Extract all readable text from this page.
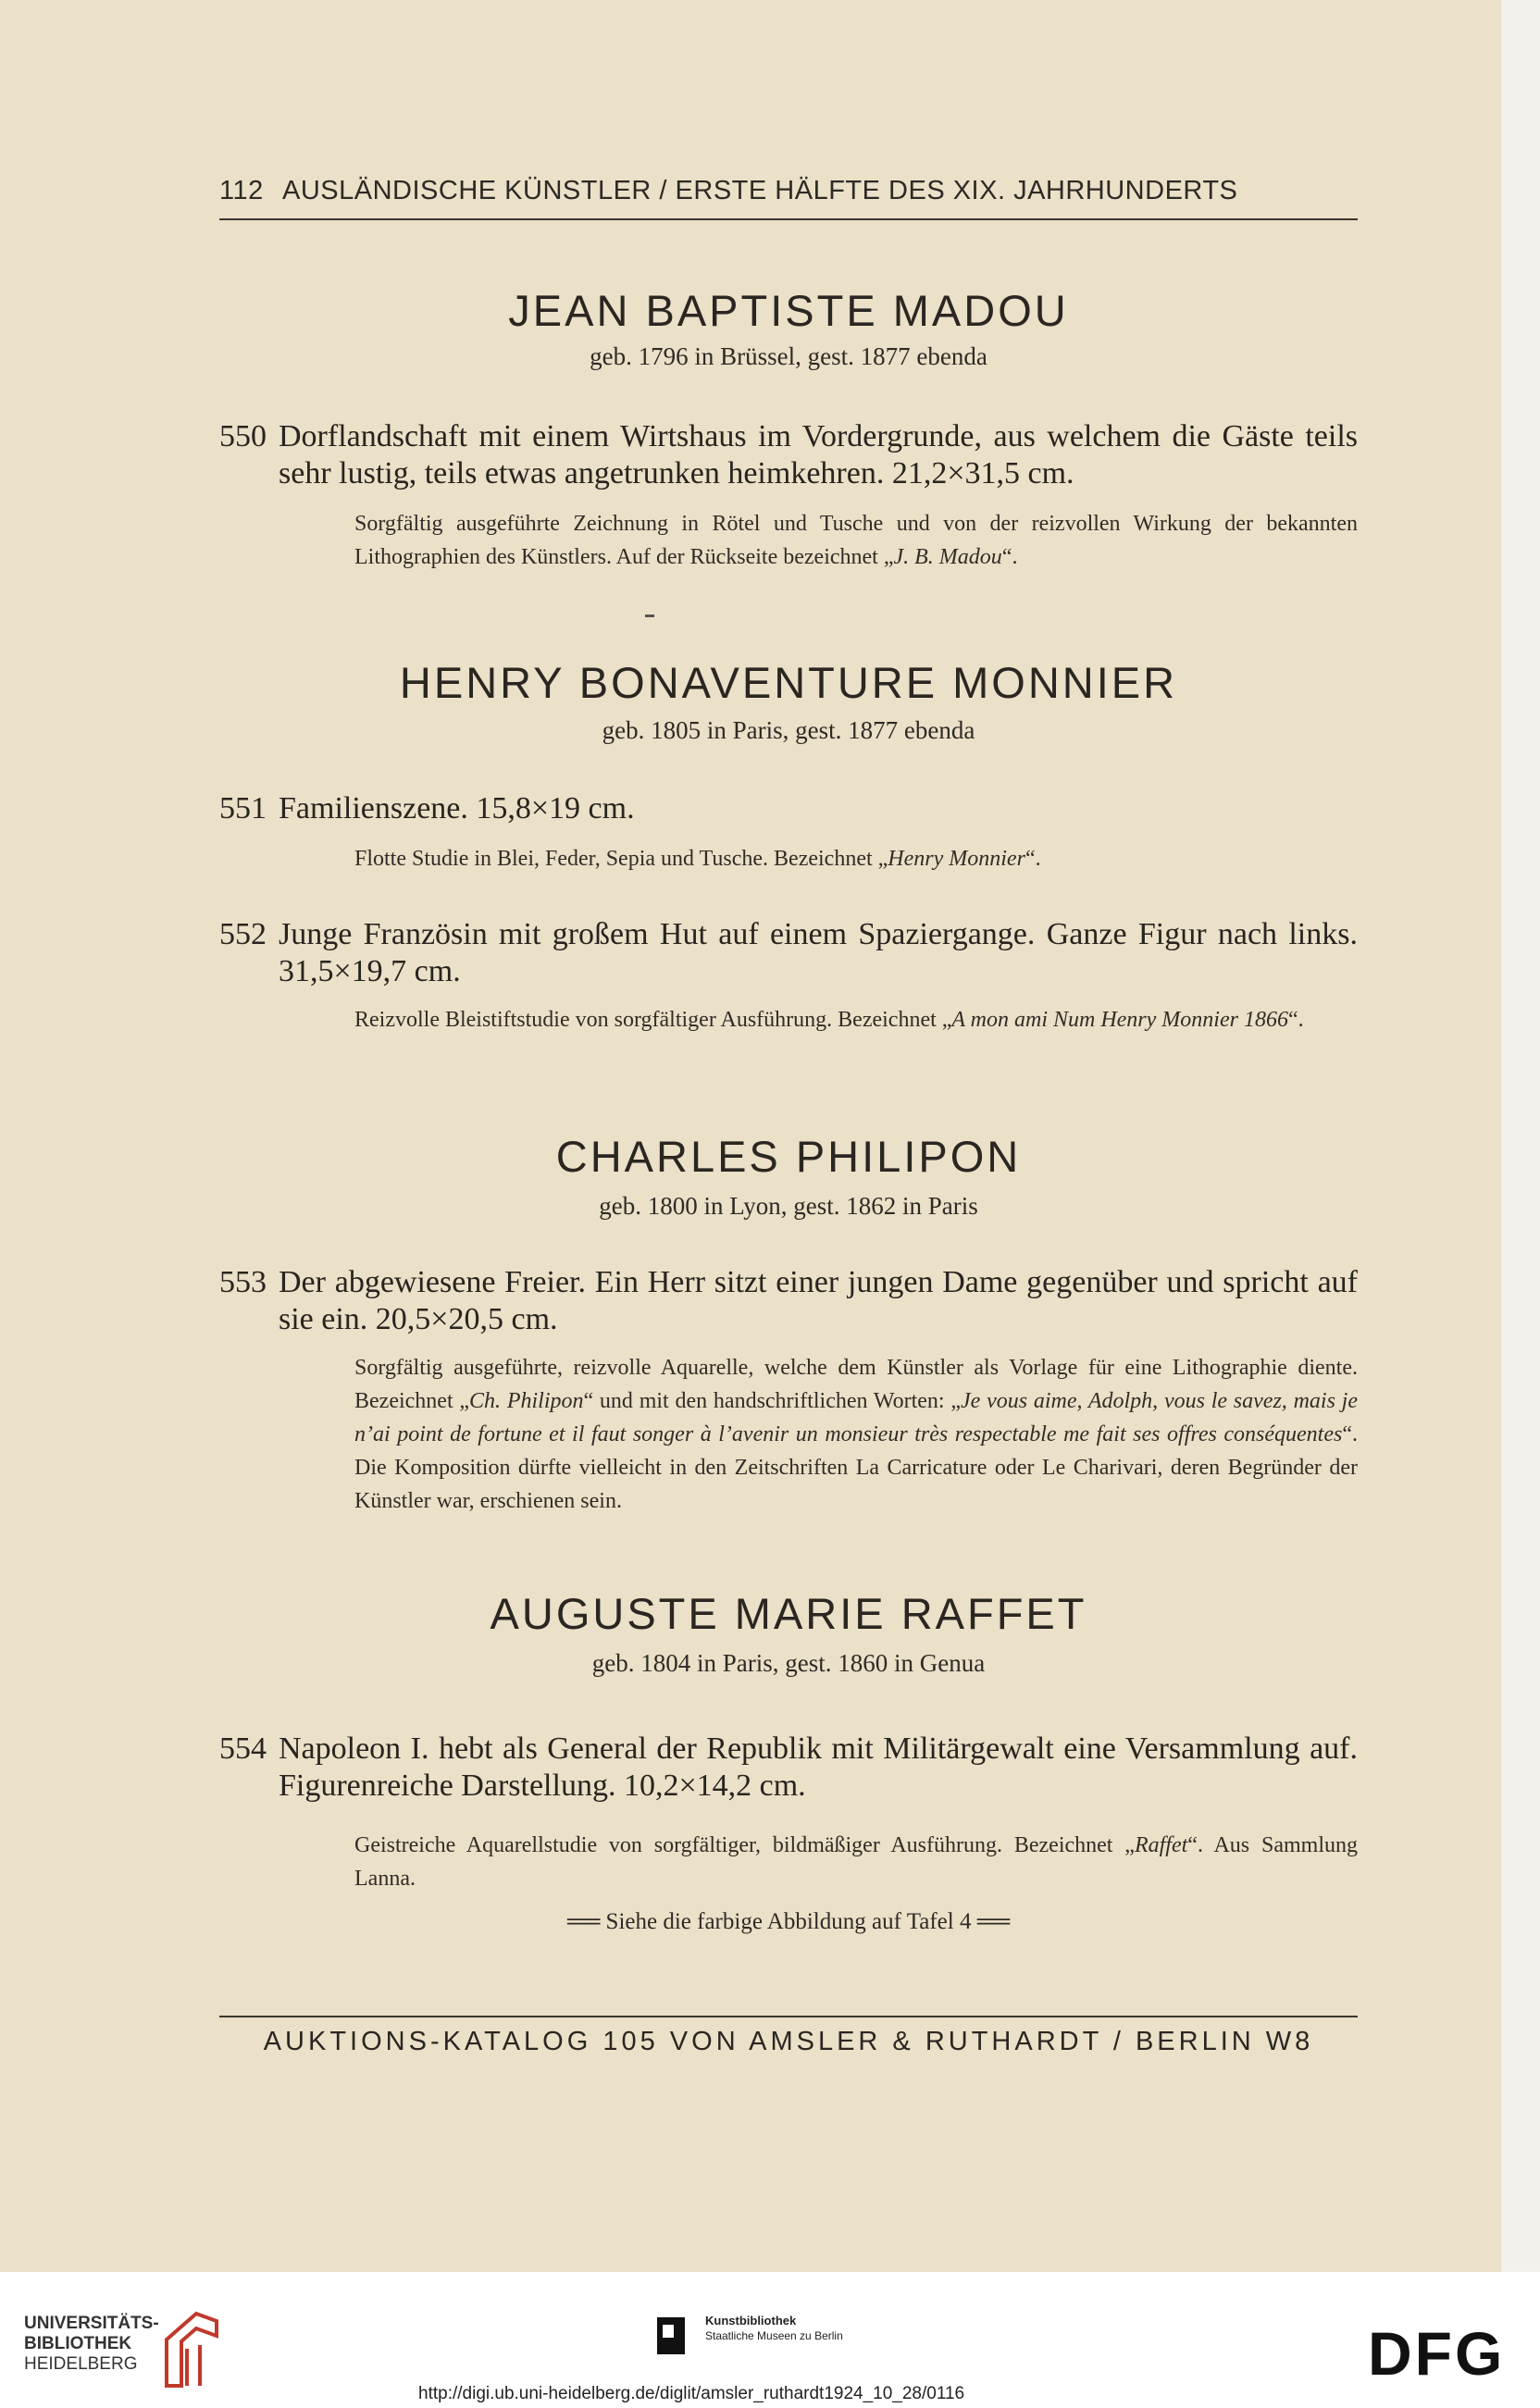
112 AUSLÄNDISCHE KÜNSTLER / ERSTE HÄLFTE DES XIX. JAHRHUNDERTS
JEAN BAPTISTE MADOU
geb. 1796 in Brüssel, gest. 1877 ebenda
550 Dorflandschaft mit einem Wirtshaus im Vordergrunde, aus welchem die Gäste teils sehr lustig, teils etwas angetrunken heimkehren. 21,2×31,5 cm.
Sorgfältig ausgeführte Zeichnung in Rötel und Tusche und von der reizvollen Wirkung der bekannten Lithographien des Künstlers. Auf der Rückseite bezeichnet „J. B. Madou“.
HENRY BONAVENTURE MONNIER
geb. 1805 in Paris, gest. 1877 ebenda
551 Familienszene. 15,8×19 cm.
Flotte Studie in Blei, Feder, Sepia und Tusche. Bezeichnet „Henry Monnier“.
552 Junge Französin mit großem Hut auf einem Spaziergange. Ganze Figur nach links. 31,5×19,7 cm.
Reizvolle Bleistiftstudie von sorgfältiger Ausführung. Bezeichnet „A mon ami Num Henry Monnier 1866“.
CHARLES PHILIPON
geb. 1800 in Lyon, gest. 1862 in Paris
553 Der abgewiesene Freier. Ein Herr sitzt einer jungen Dame gegenüber und spricht auf sie ein. 20,5×20,5 cm.
Sorgfältig ausgeführte, reizvolle Aquarelle, welche dem Künstler als Vorlage für eine Lithographie diente. Bezeichnet „Ch. Philipon“ und mit den handschriftlichen Worten: „Je vous aime, Adolph, vous le savez, mais je n’ai point de fortune et il faut songer à l’avenir un monsieur très respectable me fait ses offres conséquentes“. Die Komposition dürfte vielleicht in den Zeitschriften La Carricature oder Le Charivari, deren Begründer der Künstler war, erschienen sein.
AUGUSTE MARIE RAFFET
geb. 1804 in Paris, gest. 1860 in Genua
554 Napoleon I. hebt als General der Republik mit Militärgewalt eine Versammlung auf. Figurenreiche Darstellung. 10,2×14,2 cm.
Geistreiche Aquarellstudie von sorgfältiger, bildmäßiger Ausführung. Bezeichnet „Raffet“. Aus Sammlung Lanna.
══ Siehe die farbige Abbildung auf Tafel 4 ══
AUKTIONS-KATALOG 105 VON AMSLER & RUTHARDT / BERLIN W8
UNIVERSITÄTS-
BIBLIOTHEK
HEIDELBERG
Kunstbibliothek
Staatliche Museen zu Berlin	DFG
http://digi.ub.uni-heidelberg.de/diglit/amsler_ruthardt1924_10_28/0116
